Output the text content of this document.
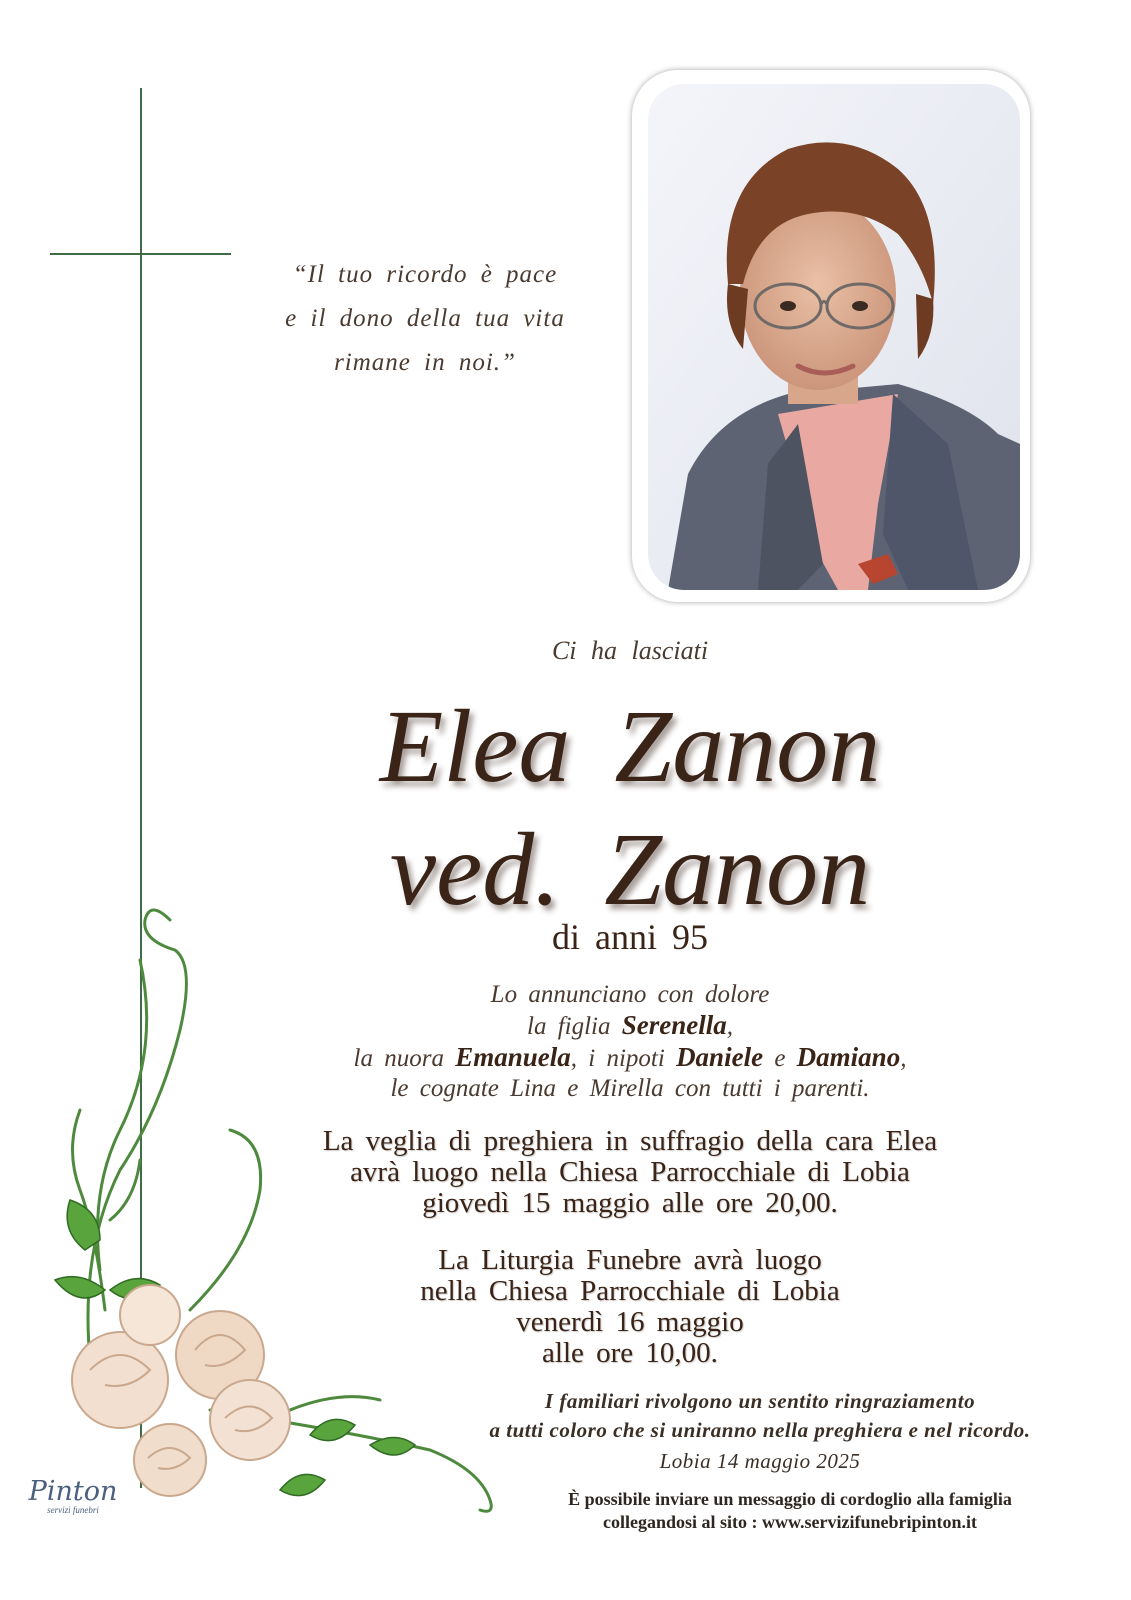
“Il tuo ricordo è pace
e il dono della tua vita
rimane in noi.”
Ci ha lasciati
Elea Zanon
ved. Zanon
di anni 95
Lo annunciano con dolore
la figlia Serenella,
la nuora Emanuela, i nipoti Daniele e Damiano,
le cognate Lina e Mirella con tutti i parenti.
La veglia di preghiera in suffragio della cara Elea
avrà luogo nella Chiesa Parrocchiale di Lobia
giovedì 15 maggio alle ore 20,00.
La Liturgia Funebre avrà luogo
nella Chiesa Parrocchiale di Lobia
venerdì 16 maggio
alle ore 10,00.
I familiari rivolgono un sentito ringraziamento
a tutti coloro che si uniranno nella preghiera e nel ricordo.
Lobia 14 maggio 2025
È possibile inviare un messaggio di cordoglio alla famiglia
collegandosi al sito : www.servizifunebripinton.it
Pinton
servizi funebri
